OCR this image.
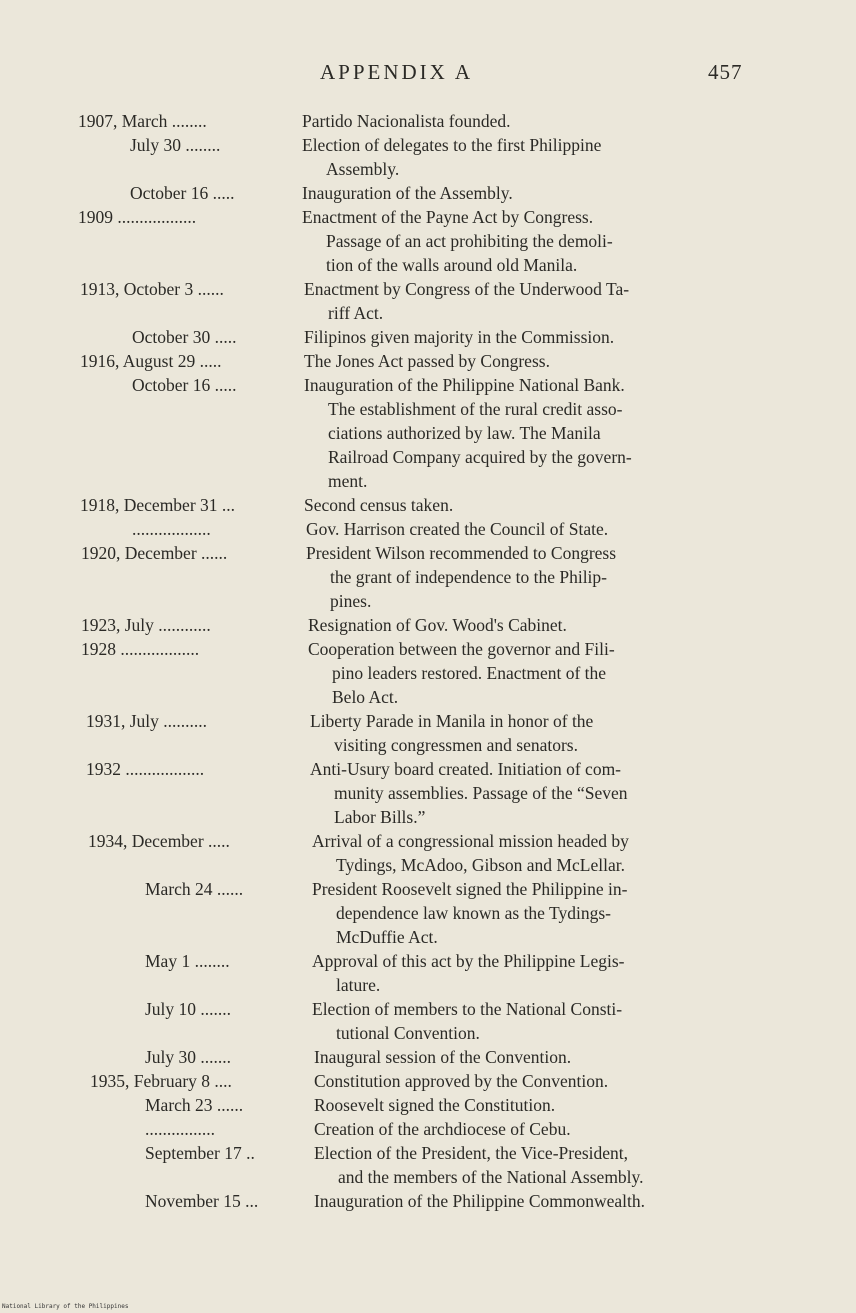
APPENDIX A	457
1907, March ........	Partido Nacionalista founded.
July 30 ........	Election of delegates to the first Philippine
Assembly.
October 16 .....	Inauguration of the Assembly.
1909 ..................	Enactment of the Payne Act by Congress.
Passage of an act prohibiting the demoli-
tion of the walls around old Manila.
1913, October 3 ......	Enactment by Congress of the Underwood Ta-
riff Act.
October 30 .....	Filipinos given majority in the Commission.
1916, August 29 .....	The Jones Act passed by Congress.
October 16 .....	Inauguration of the Philippine National Bank.
The establishment of the rural credit asso-
ciations authorized by law. The Manila
Railroad Company acquired by the govern-
ment.
1918, December 31 ...	Second census taken.
..................	Gov. Harrison created the Council of State.
1920, December ......	President Wilson recommended to Congress
the grant of independence to the Philip-
pines.
1923, July ............	Resignation of Gov. Wood's Cabinet.
1928 ..................	Cooperation between the governor and Fili-
pino leaders restored. Enactment of the
Belo Act.
1931, July ..........	Liberty Parade in Manila in honor of the
visiting congressmen and senators.
1932 ..................	Anti-Usury board created. Initiation of com-
munity assemblies. Passage of the “Seven
Labor Bills.”
1934, December .....	Arrival of a congressional mission headed by
Tydings, McAdoo, Gibson and McLellar.
March 24 ......	President Roosevelt signed the Philippine in-
dependence law known as the Tydings-
McDuffie Act.
May 1 ........	Approval of this act by the Philippine Legis-
lature.
July 10 .......	Election of members to the National Consti-
tutional Convention.
July 30 .......	Inaugural session of the Convention.
1935, February 8 ....	Constitution approved by the Convention.
March 23 ......	Roosevelt signed the Constitution.
................	Creation of the archdiocese of Cebu.
September 17 ..	Election of the President, the Vice-President,
and the members of the National Assembly.
November 15 ...	Inauguration of the Philippine Commonwealth.
National Library of the Philippines
